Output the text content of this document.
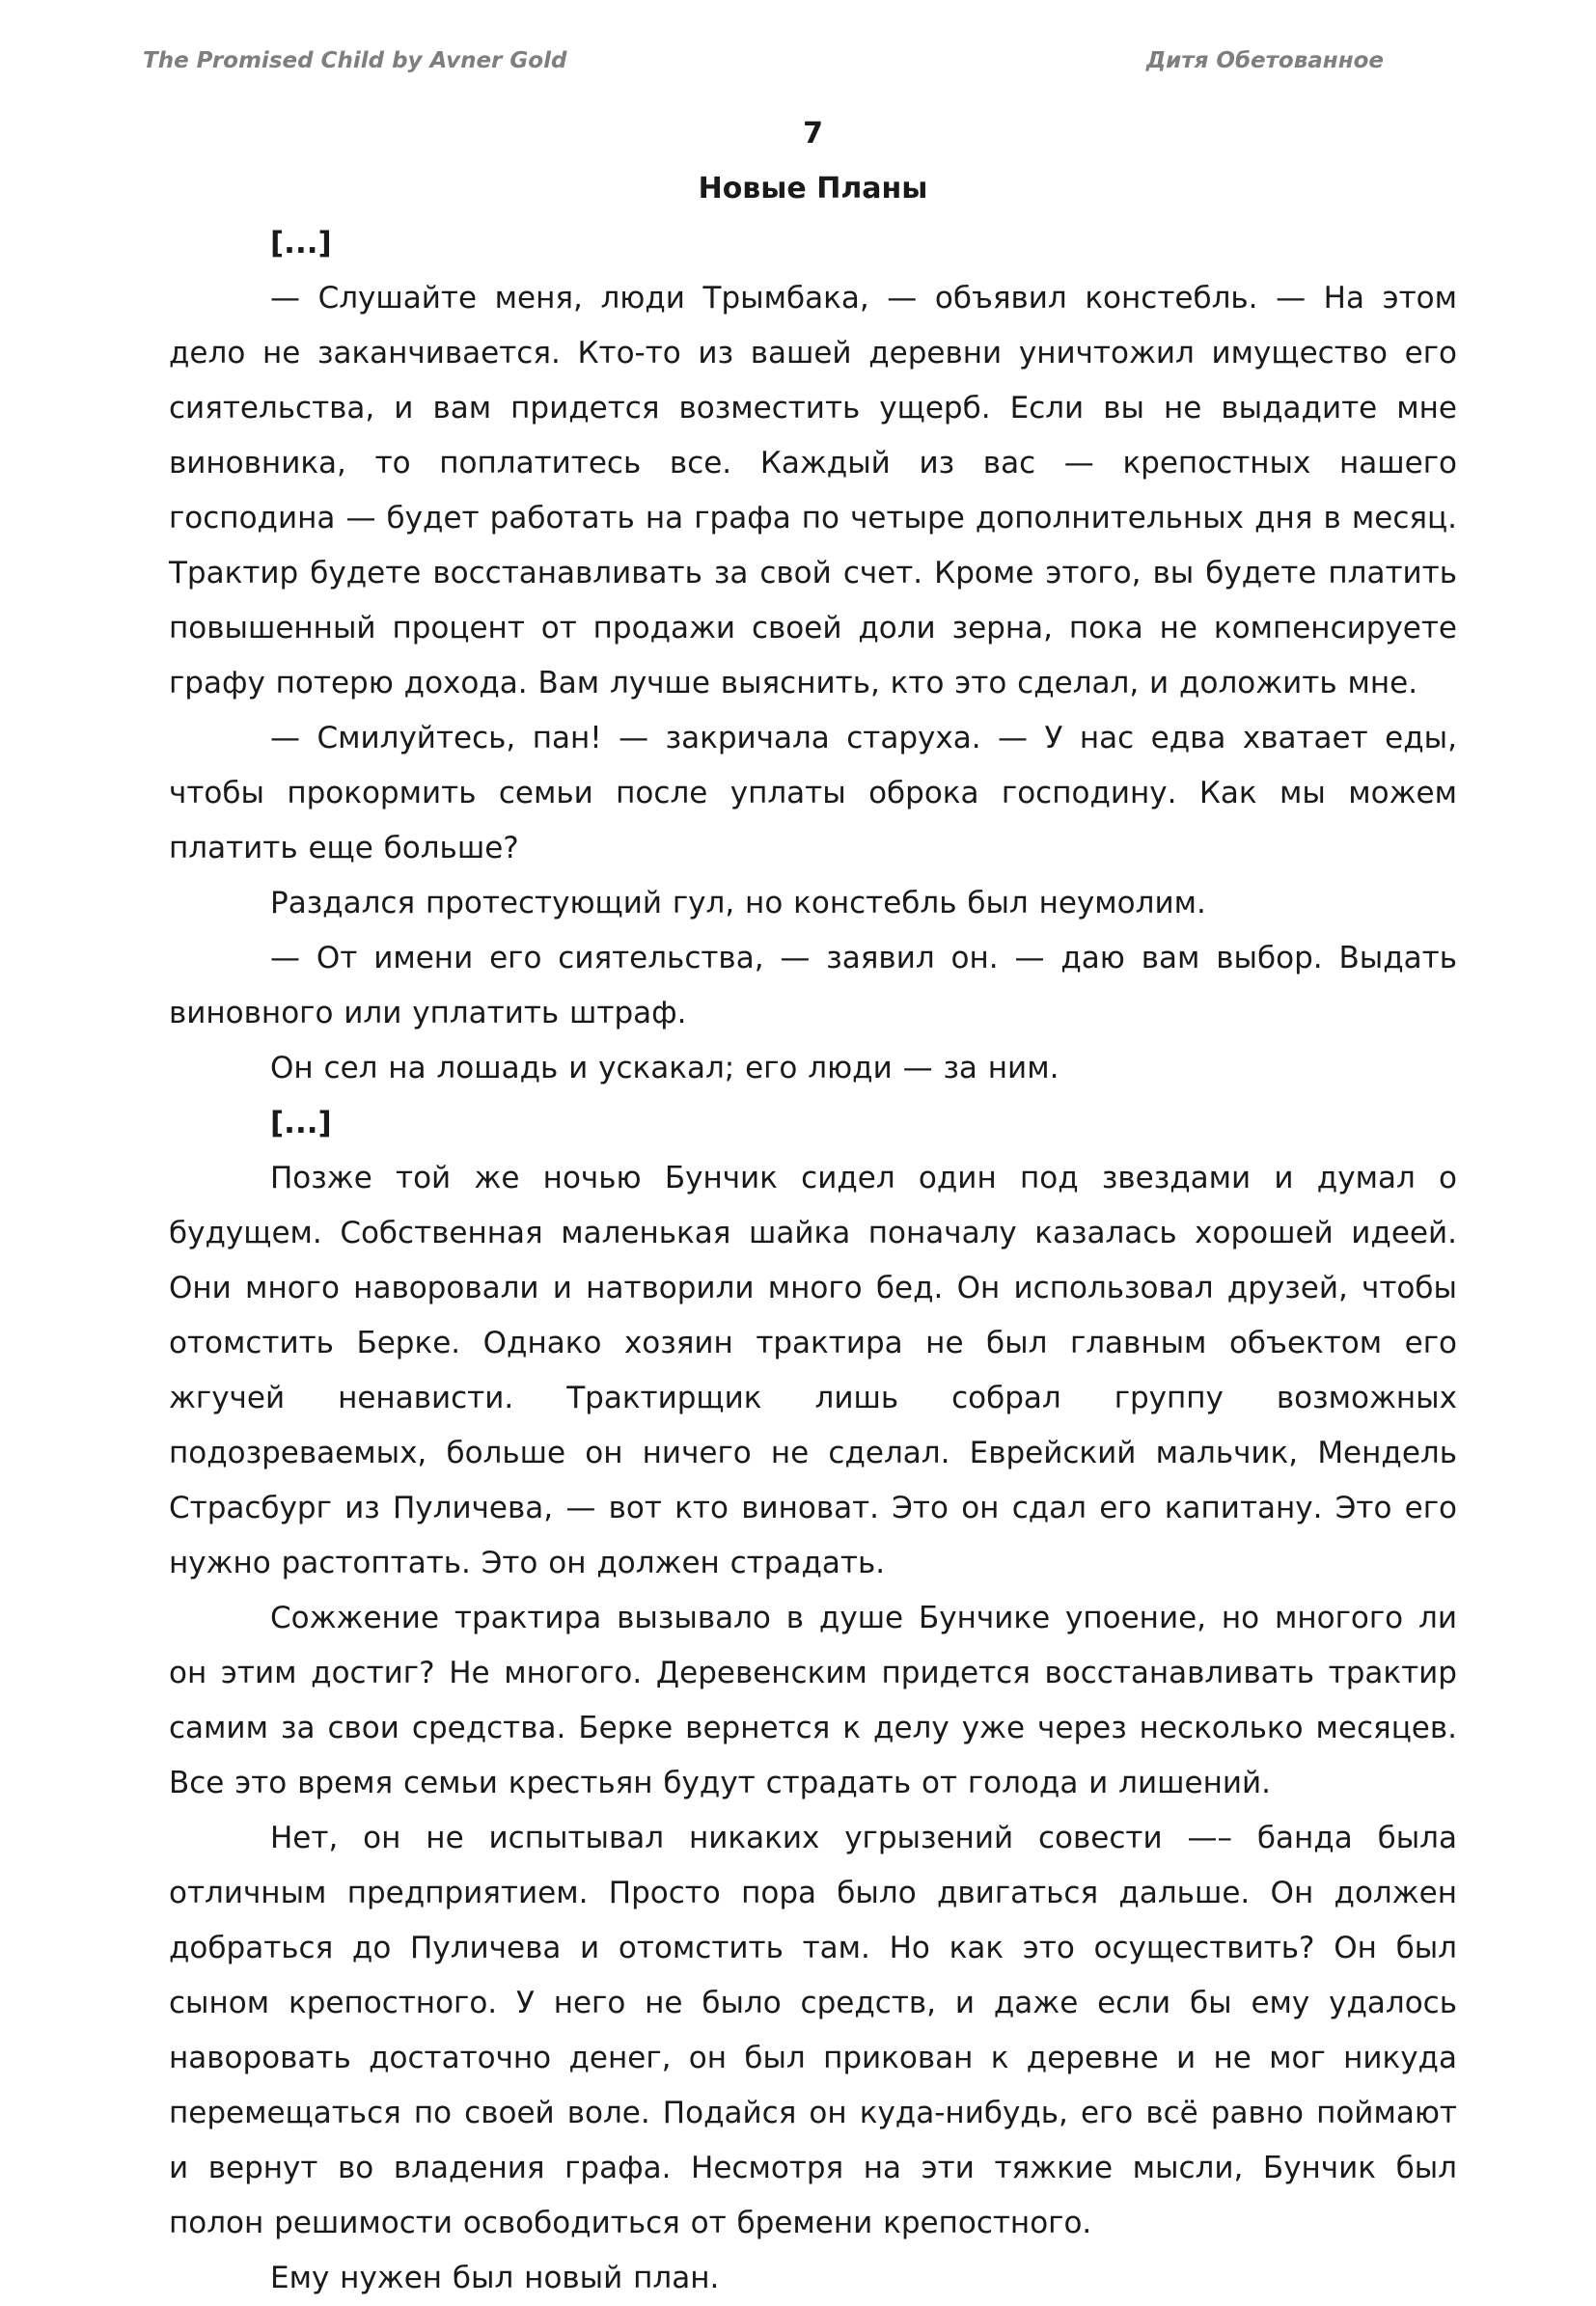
The Promised Child by Avner Gold	Дитя Обетованное
7
Новые Планы

[...]

— Слушайте меня, люди Трымбака, — объявил констебль. — На этом дело не заканчивается. Кто-то из вашей деревни уничтожил имущество его сиятельства, и вам придется возместить ущерб. Если вы не выдадите мне виновника, то поплатитесь все. Каждый из вас — крепостных нашего господина — будет работать на графа по четыре дополнительных дня в месяц. Трактир будете восстанавливать за свой счет. Кроме этого, вы будете платить повышенный процент от продажи своей доли зерна, пока не компенсируете графу потерю дохода. Вам лучше выяснить, кто это сделал, и доложить мне.

— Смилуйтесь, пан! — закричала старуха. — У нас едва хватает еды, чтобы прокормить семьи после уплаты оброка господину. Как мы можем платить еще больше?

Раздался протестующий гул, но констебль был неумолим.

— От имени его сиятельства, — заявил он. — даю вам выбор. Выдать виновного или уплатить штраф.

Он сел на лошадь и ускакал; его люди — за ним.

[...]

Позже той же ночью Бунчик сидел один под звездами и думал о будущем. Собственная маленькая шайка поначалу казалась хорошей идеей. Они много наворовали и натворили много бед. Он использовал друзей, чтобы отомстить Берке. Однако хозяин трактира не был главным объектом его жгучей ненависти. Трактирщик лишь собрал группу возможных подозреваемых, больше он ничего не сделал. Еврейский мальчик, Мендель Страсбург из Пуличева, — вот кто виноват. Это он сдал его капитану. Это его нужно растоптать. Это он должен страдать.

Сожжение трактира вызывало в душе Бунчике упоение, но многого ли он этим достиг? Не многого. Деревенским придется восстанавливать трактир самим за свои средства. Берке вернется к делу уже через несколько месяцев. Все это время семьи крестьян будут страдать от голода и лишений.

Нет, он не испытывал никаких угрызений совести —– банда была отличным предприятием. Просто пора было двигаться дальше. Он должен добраться до Пуличева и отомстить там. Но как это осуществить? Он был сыном крепостного. У него не было средств, и даже если бы ему удалось наворовать достаточно денег, он был прикован к деревне и не мог никуда перемещаться по своей воле. Подайся он куда-нибудь, его всё равно поймают и вернут во владения графа. Несмотря на эти тяжкие мысли, Бунчик был полон решимости освободиться от бремени крепостного.

Ему нужен был новый план.
